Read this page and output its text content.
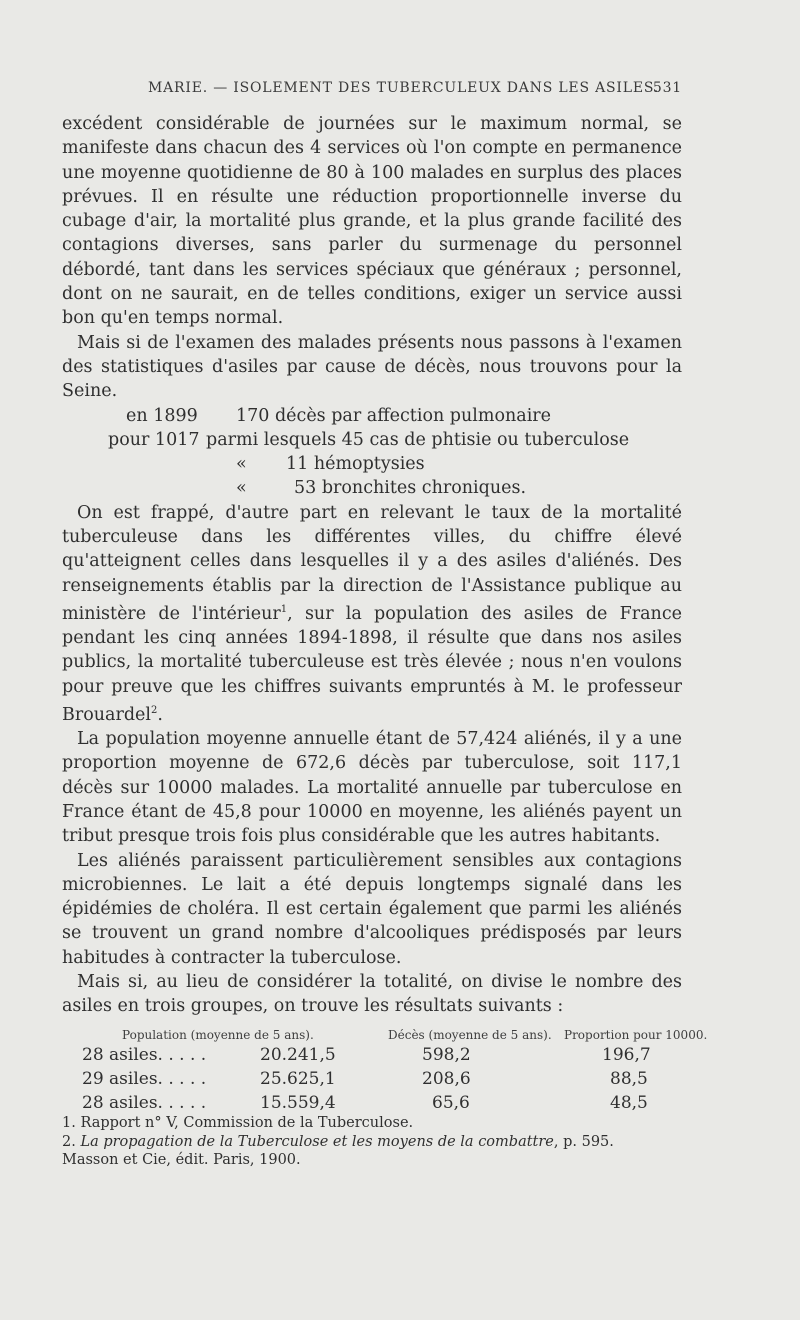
MARIE. — ISOLEMENT DES TUBERCULEUX DANS LES ASILES.
531

excédent considérable de journées sur le maximum normal, se manifeste dans chacun des 4 services où l'on compte en permanence une moyenne quotidienne de 80 à 100 malades en surplus des places prévues. Il en résulte une réduction proportionnelle inverse du cubage d'air, la mortalité plus grande, et la plus grande facilité des contagions diverses, sans parler du surmenage du personnel débordé, tant dans les services spéciaux que généraux ; personnel, dont on ne saurait, en de telles conditions, exiger un service aussi bon qu'en temps normal.

Mais si de l'examen des malades présents nous passons à l'examen des statistiques d'asiles par cause de décès, nous trouvons pour la Seine.

en 1899 170 décès par affection pulmonaire
pour 1017 parmi lesquels 45 cas de phtisie ou tuberculose
« 11 hémoptysies
«	53 bronchites chroniques.

On est frappé, d'autre part en relevant le taux de la mortalité tuberculeuse dans les différentes villes, du chiffre élevé qu'atteignent celles dans lesquelles il y a des asiles d'aliénés. Des renseignements établis par la direction de l'Assistance publique au ministère de l'intérieur$^1$, sur la population des asiles de France pendant les cinq années 1894-1898, il résulte que dans nos asiles publics, la mortalité tuberculeuse est très élevée ; nous n'en voulons pour preuve que les chiffres suivants empruntés à M. le professeur Brouardel$^2$.

La population moyenne annuelle étant de 57,424 aliénés, il y a une proportion moyenne de 672,6 décès par tuberculose, soit 117,1 décès sur 10000 malades. La mortalité annuelle par tuberculose en France étant de 45,8 pour 10000 en moyenne, les aliénés payent un tribut presque trois fois plus considérable que les autres habitants.

Les aliénés paraissent particulièrement sensibles aux contagions microbiennes. Le lait a été depuis longtemps signalé dans les épidémies de choléra. Il est certain également que parmi les aliénés se trouvent un grand nombre d'alcooliques prédisposés par leurs habitudes à contracter la tuberculose.

Mais si, au lieu de considérer la totalité, on divise le nombre des asiles en trois groupes, on trouve les résultats suivants :

Population (moyenne de 5 ans).	Décès (moyenne de 5 ans). Proportion pour 10000.
28 asiles. . . . .	20.241,5	598,2	196,7
29 asiles. . . . .	25.625,1	208,6	88,5
28 asiles. . . . .	15.559,4	65,6	48,5
1. Rapport n° V, Commission de la Tuberculose.
2. La propagation de la Tuberculose et les moyens de la combattre, p. 595.
Masson et Cie, édit. Paris, 1900.
